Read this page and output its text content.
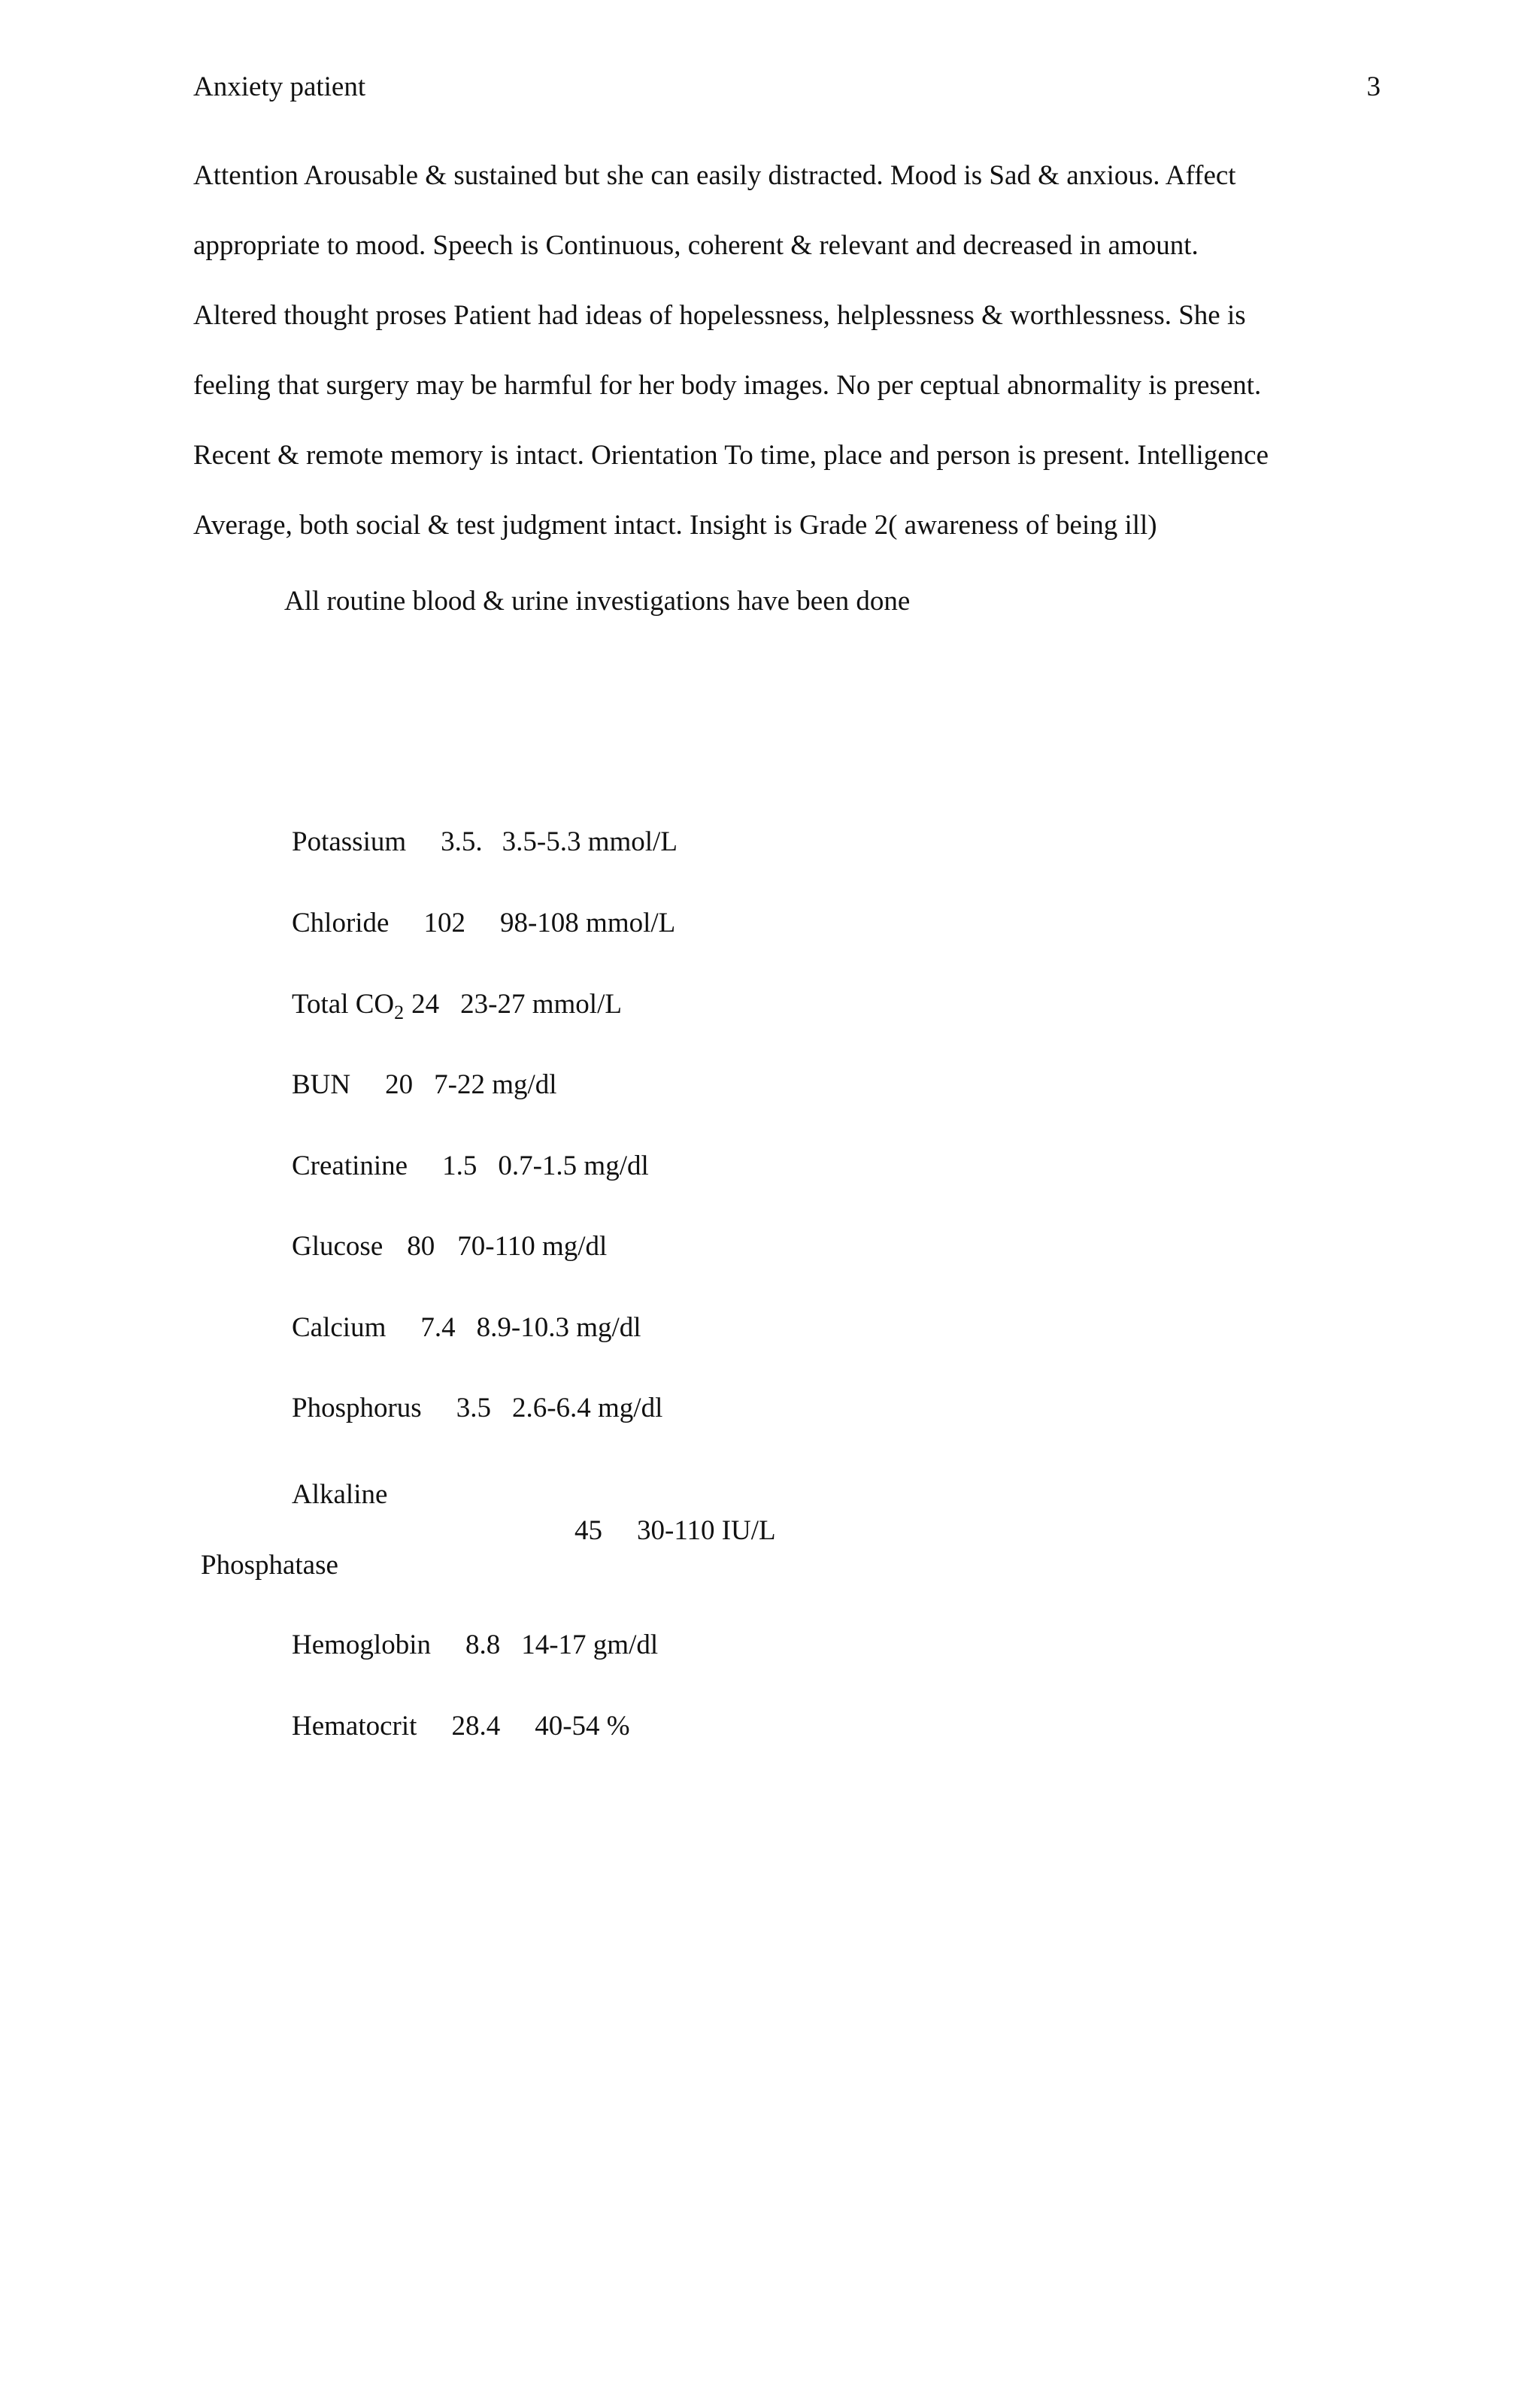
Anxiety patient	3
Attention Arousable & sustained but she can easily distracted. Mood is Sad & anxious. Affect
appropriate to mood. Speech is Continuous, coherent & relevant and decreased in amount.
Altered thought proses Patient had ideas of hopelessness, helplessness & worthlessness. She is
feeling that surgery may be harmful for her body images. No per ceptual abnormality is present.
Recent & remote memory is intact. Orientation To time, place and person is present. Intelligence
Average, both social & test judgment intact. Insight is Grade 2( awareness of being ill)
All routine blood & urine investigations have been done
Potassium 3.5. 3.5-5.3 mmol/L
Chloride 102 98-108 mmol/L
Total CO2 24 23-27 mmol/L
BUN 20 7-22 mg/dl
Creatinine 1.5 0.7-1.5 mg/dl
Glucose 80 70-110 mg/dl
Calcium 7.4 8.9-10.3 mg/dl
Phosphorus 3.5 2.6-6.4 mg/dl
Alkaline
Phosphatase
45 30-110 IU/L
Hemoglobin 8.8 14-17 gm/dl
Hematocrit 28.4 40-54 %
